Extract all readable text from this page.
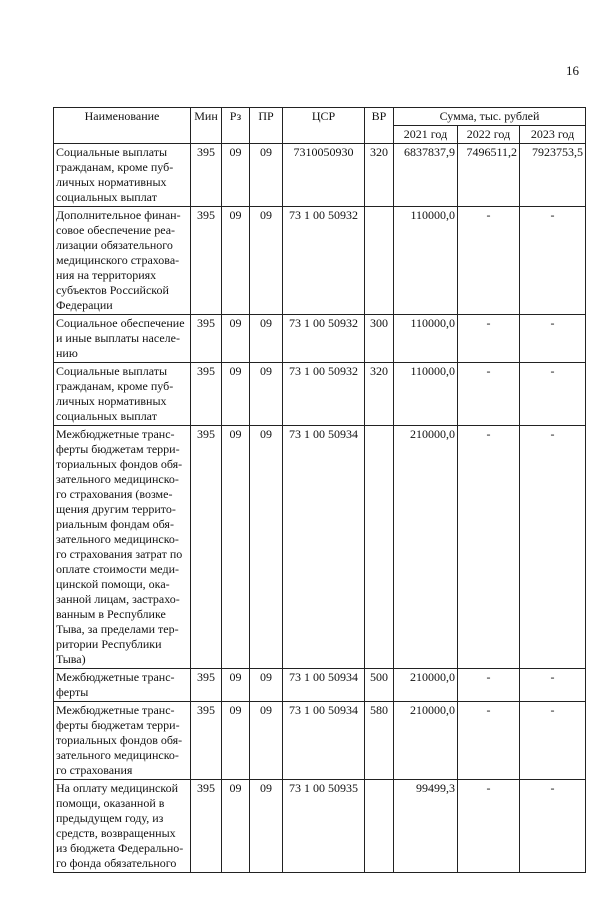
16
Наименование	Мин	Рз	ПР	ЦСР	ВР	Сумма, тыс. рублей		
						2021 год	2022 год	2023 год
Социальные выплаты гражданам, кроме пуб-личных нормативных социальных выплат	395	09	09	7310050930	320	6837837,9	7496511,2	7923753,5
Дополнительное финан-совое обеспечение реа-лизации обязательного медицинского страхова-ния на территориях субъектов Российской Федерации	395	09	09	73 1 00 50932		110000,0	-	-
Социальное обеспечение и иные выплаты населе-нию	395	09	09	73 1 00 50932	300	110000,0	-	-
Социальные выплаты гражданам, кроме пуб-личных нормативных социальных выплат	395	09	09	73 1 00 50932	320	110000,0	-	-
Межбюджетные транс-ферты бюджетам терри-ториальных фондов обя-зательного медицинско-го страхования (возме-щения другим террито-риальным фондам обя-зательного медицинско-го страхования затрат по оплате стоимости меди-цинской помощи, ока-занной лицам, застрахо-ванным в Республике Тыва, за пределами тер-ритории Республики Тыва)	395	09	09	73 1 00 50934		210000,0	-	-
Межбюджетные транс-ферты	395	09	09	73 1 00 50934	500	210000,0	-	-
Межбюджетные транс-ферты бюджетам терри-ториальных фондов обя-зательного медицинско-го страхования	395	09	09	73 1 00 50934	580	210000,0	-	-
На оплату медицинской помощи, оказанной в предыдущем году, из средств, возвращенных из бюджета Федерально-го фонда обязательного	395	09	09	73 1 00 50935		99499,3	-	-
